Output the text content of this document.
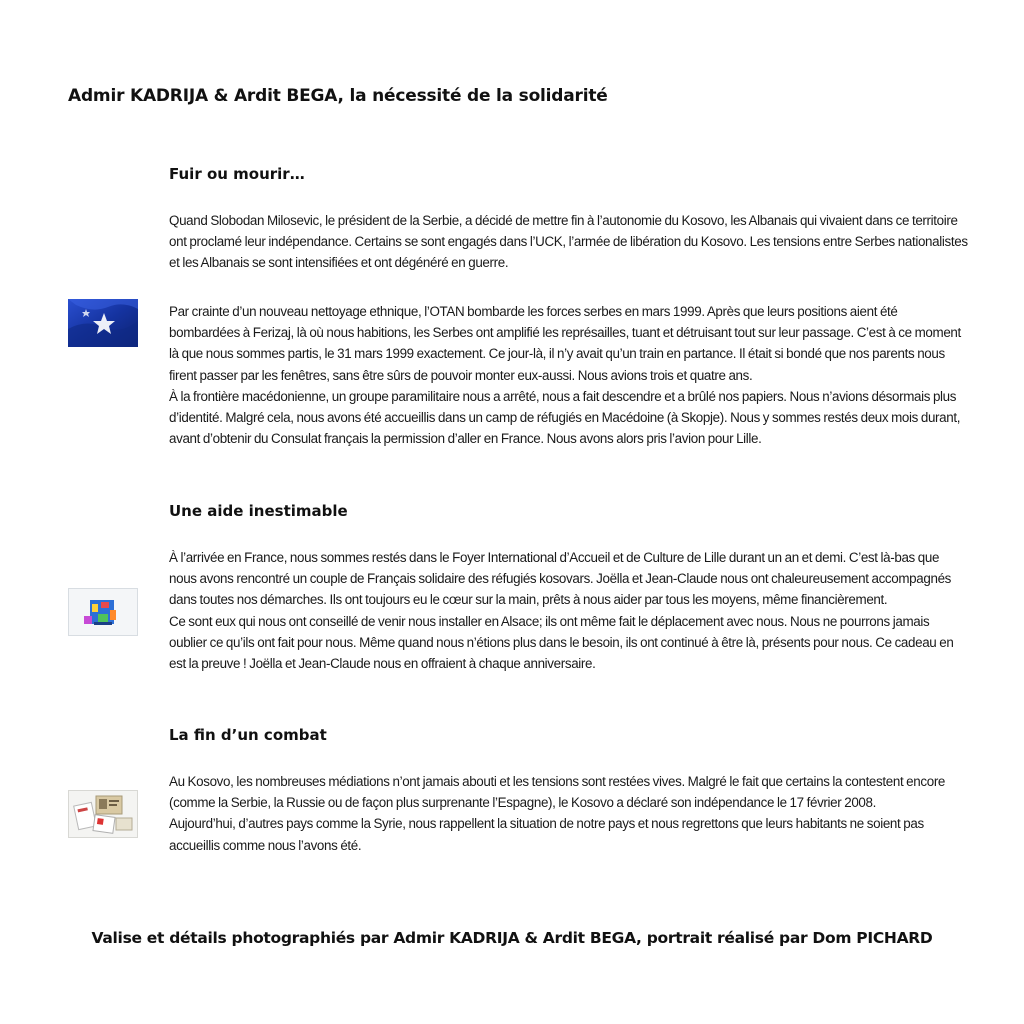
Admir KADRIJA & Ardit BEGA, la nécessité de la solidarité
Fuir ou mourir…

Quand Slobodan Milosevic, le président de la Serbie, a décidé de mettre fin à l’autonomie du Kosovo, les Albanais qui vivaient dans ce territoire ont proclamé leur indépendance. Certains se sont engagés dans l’UCK, l’armée de libération du Kosovo. Les tensions entre Serbes nationalistes et les Albanais se sont intensifiées et ont dégénéré en guerre.

Par crainte d’un nouveau nettoyage ethnique, l’OTAN bombarde les forces serbes en mars 1999. Après que leurs positions aient été bombardées à Ferizaj, là où nous habitions, les Serbes ont amplifié les représailles, tuant et détruisant tout sur leur passage. C’est à ce moment là que nous sommes partis, le 31 mars 1999 exactement. Ce jour-là, il n’y avait qu’un train en partance. Il était si bondé que nos parents nous firent passer par les fenêtres, sans être sûrs de pouvoir monter eux-aussi. Nous avions trois et quatre ans.

À la frontière macédonienne, un groupe paramilitaire nous a arrêté, nous a fait descendre et a brûlé nos papiers. Nous n’avions désormais plus d’identité. Malgré cela, nous avons été accueillis dans un camp de réfugiés en Macédoine (à Skopje). Nous y sommes restés deux mois durant, avant d’obtenir du Consulat français la permission d’aller en France. Nous avons alors pris l’avion pour Lille.

Une aide inestimable

À l’arrivée en France, nous sommes restés dans le Foyer International d’Accueil et de Culture de Lille durant un an et demi. C’est là-bas que nous avons rencontré un couple de Français solidaire des réfugiés kosovars. Joëlla et Jean-Claude nous ont chaleureusement accompagnés dans toutes nos démarches. Ils ont toujours eu le cœur sur la main, prêts à nous aider par tous les moyens, même financièrement.

Ce sont eux qui nous ont conseillé de venir nous installer en Alsace; ils ont même fait le déplacement avec nous. Nous ne pourrons jamais oublier ce qu’ils ont fait pour nous. Même quand nous n’étions plus dans le besoin, ils ont continué à être là, présents pour nous. Ce cadeau en est la preuve ! Joëlla et Jean-Claude nous en offraient à chaque anniversaire.

La fin d’un combat

Au Kosovo, les nombreuses médiations n’ont jamais abouti et les tensions sont restées vives. Malgré le fait que certains la contestent encore (comme la Serbie, la Russie ou de façon plus surprenante l’Espagne), le Kosovo a déclaré son indépendance le 17 février 2008.

Aujourd’hui, d’autres pays comme la Syrie, nous rappellent la situation de notre pays et nous regrettons que leurs habitants ne soient pas accueillis comme nous l’avons été.

Valise et détails photographiés par Admir KADRIJA & Ardit BEGA, portrait réalisé par Dom PICHARD
